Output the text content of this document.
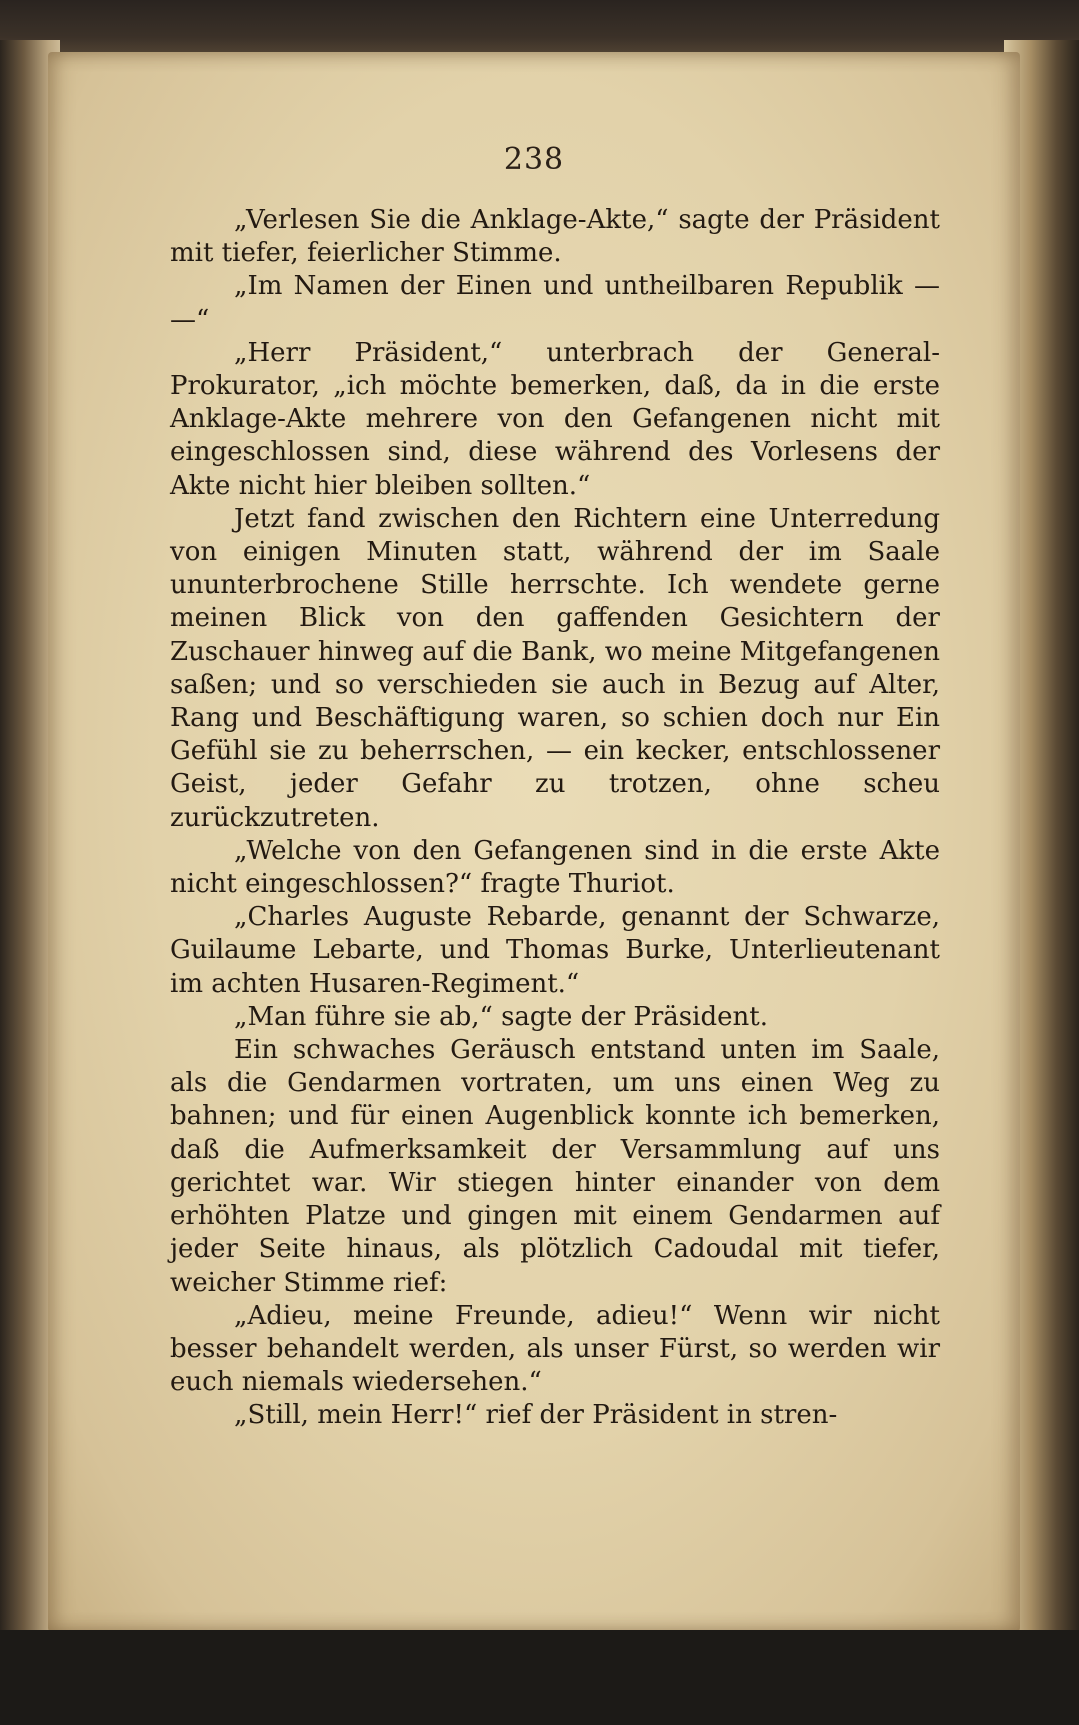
238

„Verlesen Sie die Anklage-Akte,“ sagte der Präsident mit tiefer, feierlicher Stimme.

„Im Namen der Einen und untheilbaren Republik — —“

„Herr Präsident,“ unterbrach der General-Prokurator, „ich möchte bemerken, daß, da in die erste Anklage-Akte mehrere von den Gefangenen nicht mit eingeschlossen sind, diese während des Vorlesens der Akte nicht hier bleiben sollten.“

Jetzt fand zwischen den Richtern eine Unterredung von einigen Minuten statt, während der im Saale ununterbrochene Stille herrschte. Ich wendete gerne meinen Blick von den gaffenden Gesichtern der Zuschauer hinweg auf die Bank, wo meine Mitgefangenen saßen; und so verschieden sie auch in Bezug auf Alter, Rang und Beschäftigung waren, so schien doch nur Ein Gefühl sie zu beherrschen, — ein kecker, entschlossener Geist, jeder Gefahr zu trotzen, ohne scheu zurückzutreten.

„Welche von den Gefangenen sind in die erste Akte nicht eingeschlossen?“ fragte Thuriot.

„Charles Auguste Rebarde, genannt der Schwarze, Guilaume Lebarte, und Thomas Burke, Unterlieutenant im achten Husaren-Regiment.“

„Man führe sie ab,“ sagte der Präsident.

Ein schwaches Geräusch entstand unten im Saale, als die Gendarmen vortraten, um uns einen Weg zu bahnen; und für einen Augenblick konnte ich bemerken, daß die Aufmerksamkeit der Versammlung auf uns gerichtet war. Wir stiegen hinter einander von dem erhöhten Platze und gingen mit einem Gendarmen auf jeder Seite hinaus, als plötzlich Cadoudal mit tiefer, weicher Stimme rief:

„Adieu, meine Freunde, adieu!“ Wenn wir nicht besser behandelt werden, als unser Fürst, so werden wir euch niemals wiedersehen.“

„Still, mein Herr!“ rief der Präsident in stren-
